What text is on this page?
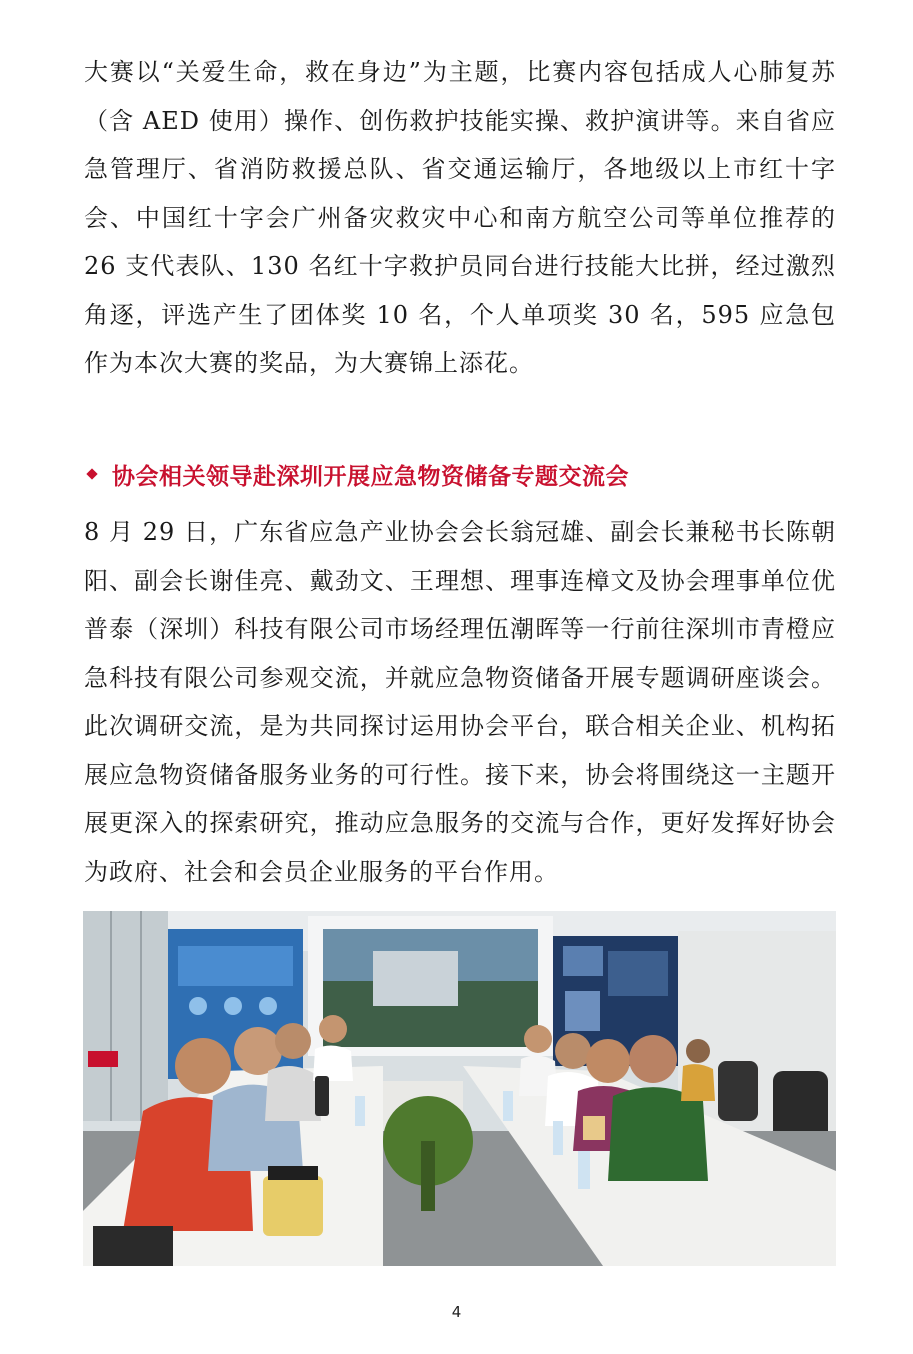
大赛以“关爱生命，救在身边”为主题，比赛内容包括成人心肺复苏（含 AED 使用）操作、创伤救护技能实操、救护演讲等。来自省应急管理厅、省消防救援总队、省交通运输厅，各地级以上市红十字会、中国红十字会广州备灾救灾中心和南方航空公司等单位推荐的 26 支代表队、130 名红十字救护员同台进行技能大比拼，经过激烈角逐，评选产生了团体奖 10 名，个人单项奖 30 名，595 应急包作为本次大赛的奖品，为大赛锦上添花。

协会相关领导赴深圳开展应急物资储备专题交流会

8 月 29 日，广东省应急产业协会会长翁冠雄、副会长兼秘书长陈朝阳、副会长谢佳亮、戴劲文、王理想、理事连樟文及协会理事单位优普泰（深圳）科技有限公司市场经理伍潮晖等一行前往深圳市青橙应急科技有限公司参观交流，并就应急物资储备开展专题调研座谈会。此次调研交流，是为共同探讨运用协会平台，联合相关企业、机构拓展应急物资储备服务业务的可行性。接下来，协会将围绕这一主题开展更深入的探索研究，推动应急服务的交流与合作，更好发挥好协会为政府、社会和会员企业服务的平台作用。

4
